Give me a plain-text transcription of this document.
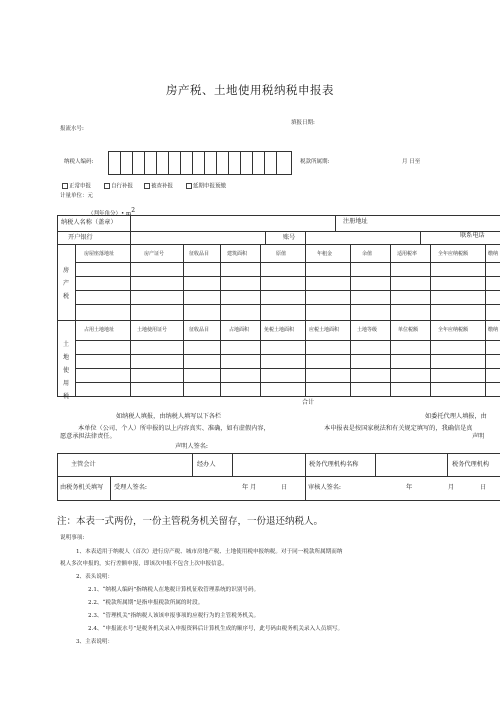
房产税、土地使用税纳税申报表
填报日期:
报流水号:
纳税人编码:	税款所属期:	月 日至
正常申报	自行补报	被查补报	延期申报预缴
计量单位：元
（判年角分）• $m^2$
纳税人名称（盖章）	注册地址
开户银行	账号	联系电话
房
产
税
房屋座落地址	房产证号	征收品目	建筑面积	原值	年租金	余值	适用税率	全年应纳税额	缴纳
土
地
使
用
税
占用土地地址	土地使用证号	征收品目	占地面积	免税土地面积	应税土地面积	土地等级	单位税额	全年应纳税额	缴纳
合计
如纳税人填报，由纳税人填写以下各栏	如委托代理人填报，由
本单位（公司、个人）所申报的以上内容真实、准确，如有虚假内容，
愿意承担法律责任。
本申报表是按国家税法和有关规定填写的，我确信是真
声明
声明人签名:
主管会计	经办人	税务代理机构名称	税务代理机构
由税务机关填写 受理人签名:	年 月	日	审核人签名:	年	月	日
注：本表一式两份，一份主管税务机关留存，一份退还纳税人。
说明事项:
1、本表适用于纳税人（首次）进行房产税、城市房地产税、土地使用税申报纳税。对于同一税款所属期而纳
税人多次申报的，实行差额申报，即该次申报不包含上次申报信息。
2、表头说明：
2.1、“纳税人编码”指纳税人在地税计算机征收管理系统的识别号码。
2.2、“税款所属期”是指申报税款所属的时段。
2.3、“管理机关”指纳税人该该申报事项的应税行为的主管税务机关。
2.4、“申报流水号”是税务机关录入申报资料后计算机生成的顺序号，此号码由税务机关录入人员填写。
3、主表说明：
